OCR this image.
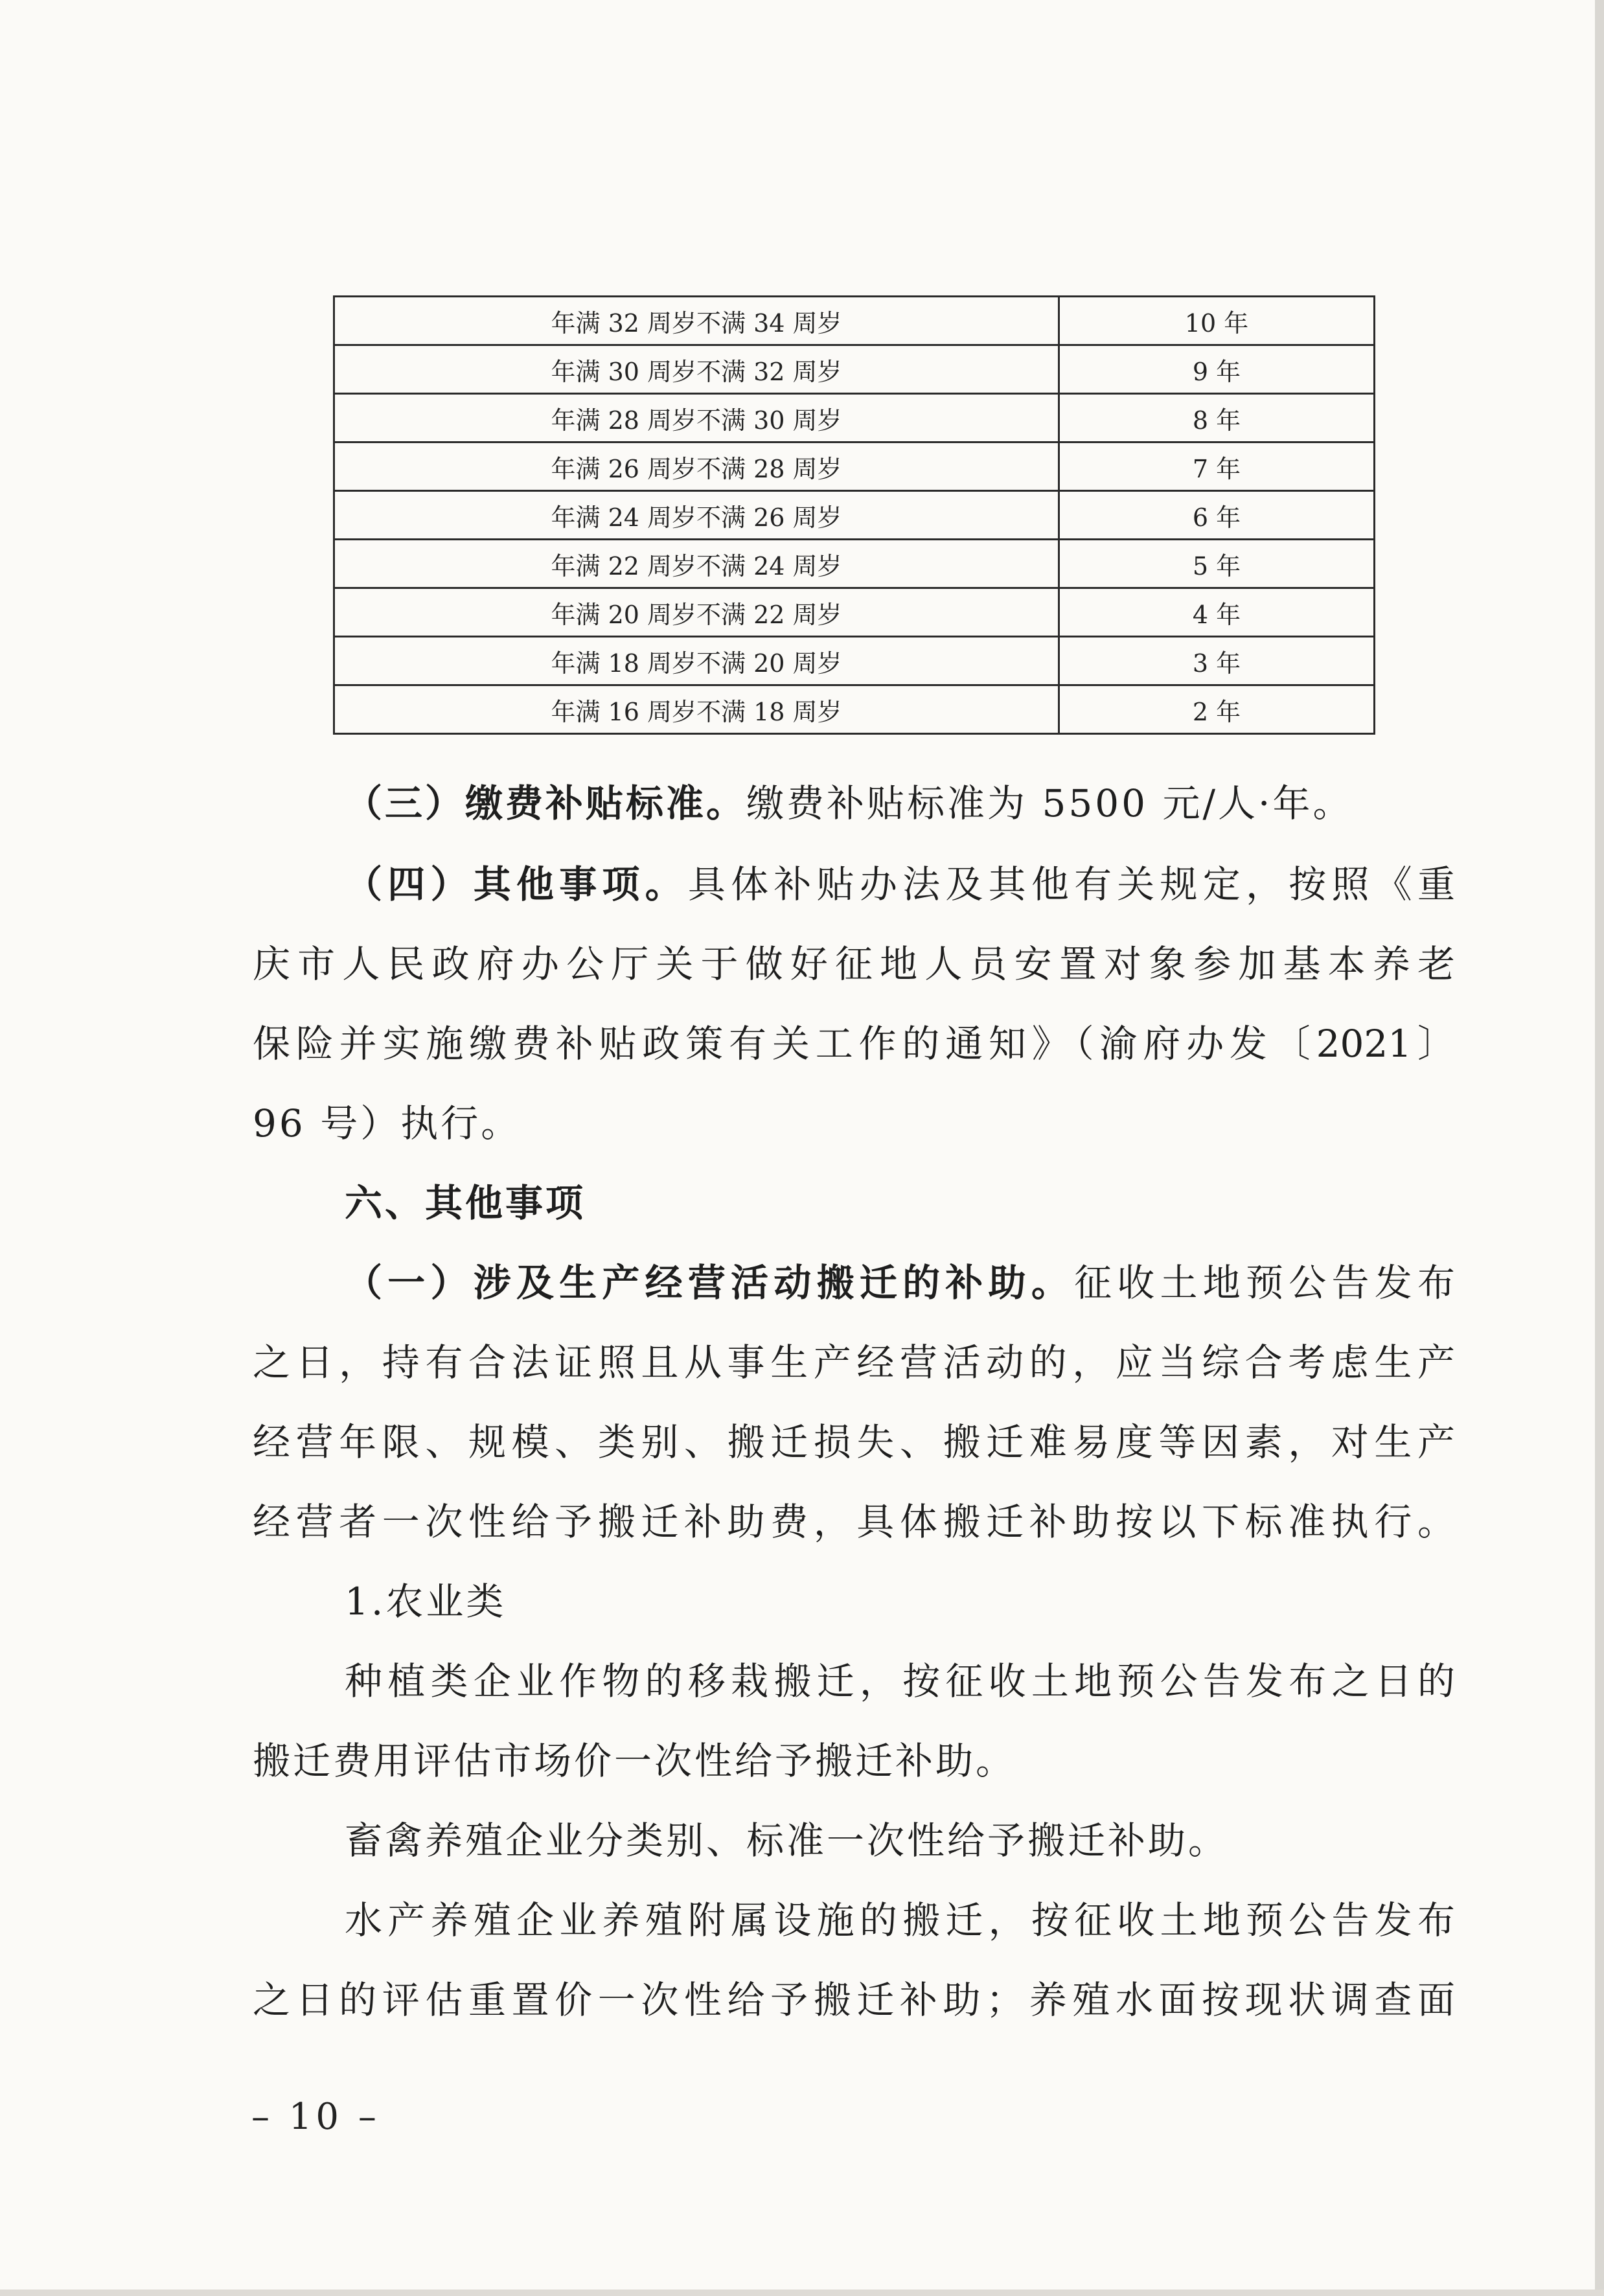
年满 32 周岁不满 34 周岁	10 年
年满 30 周岁不满 32 周岁	9 年
年满 28 周岁不满 30 周岁	8 年
年满 26 周岁不满 28 周岁	7 年
年满 24 周岁不满 26 周岁	6 年
年满 22 周岁不满 24 周岁	5 年
年满 20 周岁不满 22 周岁	4 年
年满 18 周岁不满 20 周岁	3 年
年满 16 周岁不满 18 周岁	2 年
（三）缴费补贴标准。缴费补贴标准为 5500 元/人·年。
（四）其他事项。具体补贴办法及其他有关规定，按照《重
庆市人民政府办公厅关于做好征地人员安置对象参加基本养老
保险并实施缴费补贴政策有关工作的通知》（渝府办发〔2021〕
96 号）执行。
六、其他事项
（一）涉及生产经营活动搬迁的补助。征收土地预公告发布
之日，持有合法证照且从事生产经营活动的，应当综合考虑生产
经营年限、规模、类别、搬迁损失、搬迁难易度等因素，对生产
经营者一次性给予搬迁补助费，具体搬迁补助按以下标准执行。
1.农业类
种植类企业作物的移栽搬迁，按征收土地预公告发布之日的
搬迁费用评估市场价一次性给予搬迁补助。
畜禽养殖企业分类别、标准一次性给予搬迁补助。
水产养殖企业养殖附属设施的搬迁，按征收土地预公告发布
之日的评估重置价一次性给予搬迁补助；养殖水面按现状调查面
– 10 –
